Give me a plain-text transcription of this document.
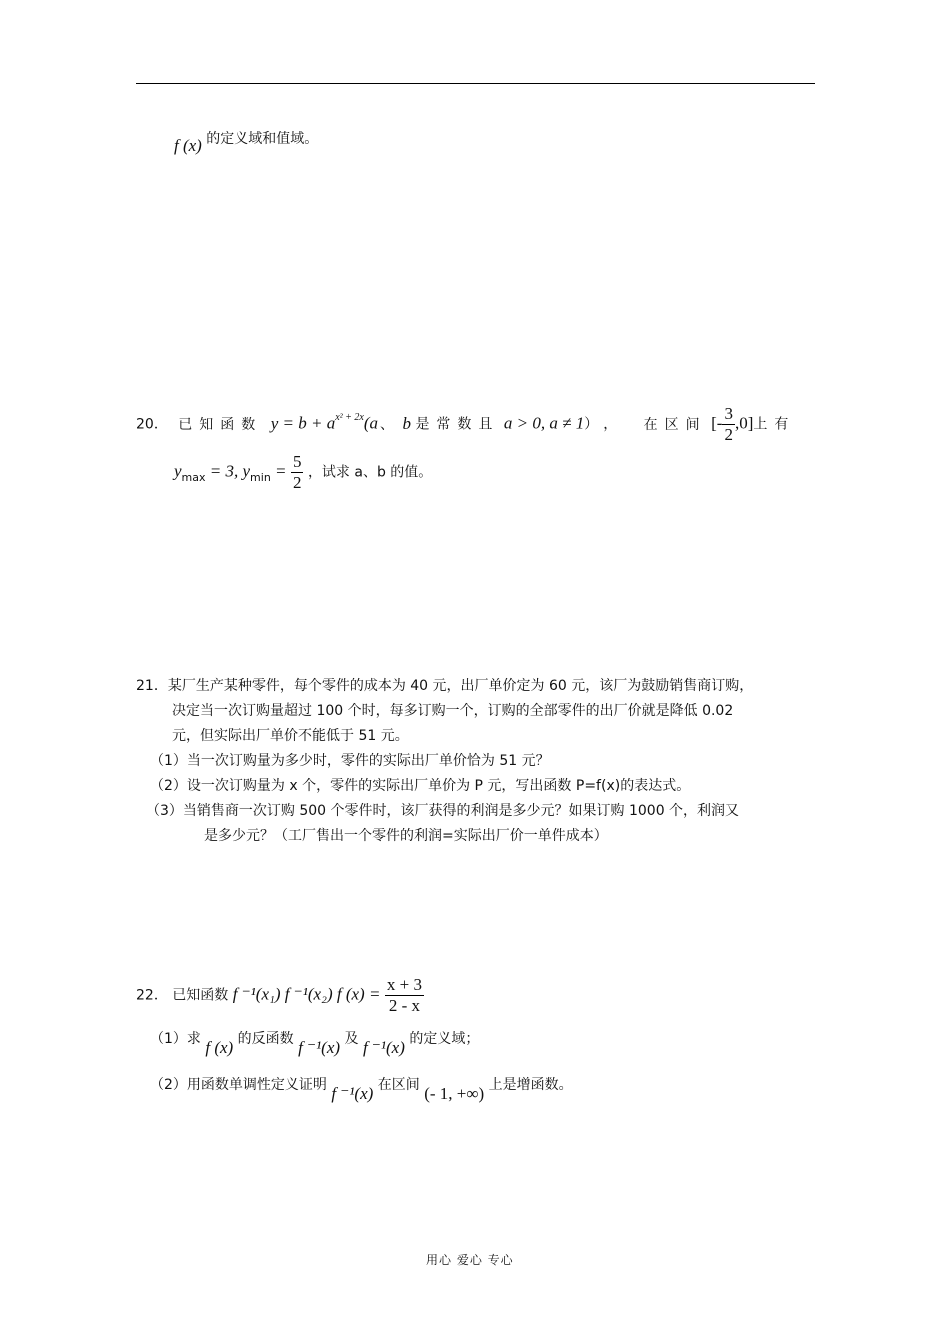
f (x) 的定义域和值域。
20． 已知函数 $y = b + a^{x^2 + 2x}(a$ 、 b 是常数且 a > 0, a ≠ 1）， 在区间 [- $\frac{3}{2} ,0$]上有
$y_{max} = 3$, $y_{min} = \frac{5}{2}$ ，试求 a、b 的值。
21．某厂生产某种零件，每个零件的成本为 40 元，出厂单价定为 60 元，该厂为鼓励销售商订购，
决定当一次订购量超过 100 个时，每多订购一个，订购的全部零件的出厂价就是降低 0.02
元，但实际出厂单价不能低于 51 元。
（1）当一次订购量为多少时，零件的实际出厂单价恰为 51 元？
（2）设一次订购量为 x 个，零件的实际出厂单价为 P 元，写出函数 P=f(x)的表达式。
（3）当销售商一次订购 500 个零件时，该厂获得的利润是多少元？如果订购 1000 个，利润又
是多少元？（工厂售出一个零件的利润=实际出厂价一单件成本）
22． 已知函数 f ⁻¹(x₁) f ⁻¹(x₂) f $(x) = \frac{x + 3}{2 - x}$
（1）求 f (x) 的反函数 f ⁻¹(x) 及 f ⁻¹(x) 的定义域；
（2）用函数单调性定义证明 f ⁻¹(x) 在区间 (- 1, +∞) 上是增函数。
用心 爱心 专心
